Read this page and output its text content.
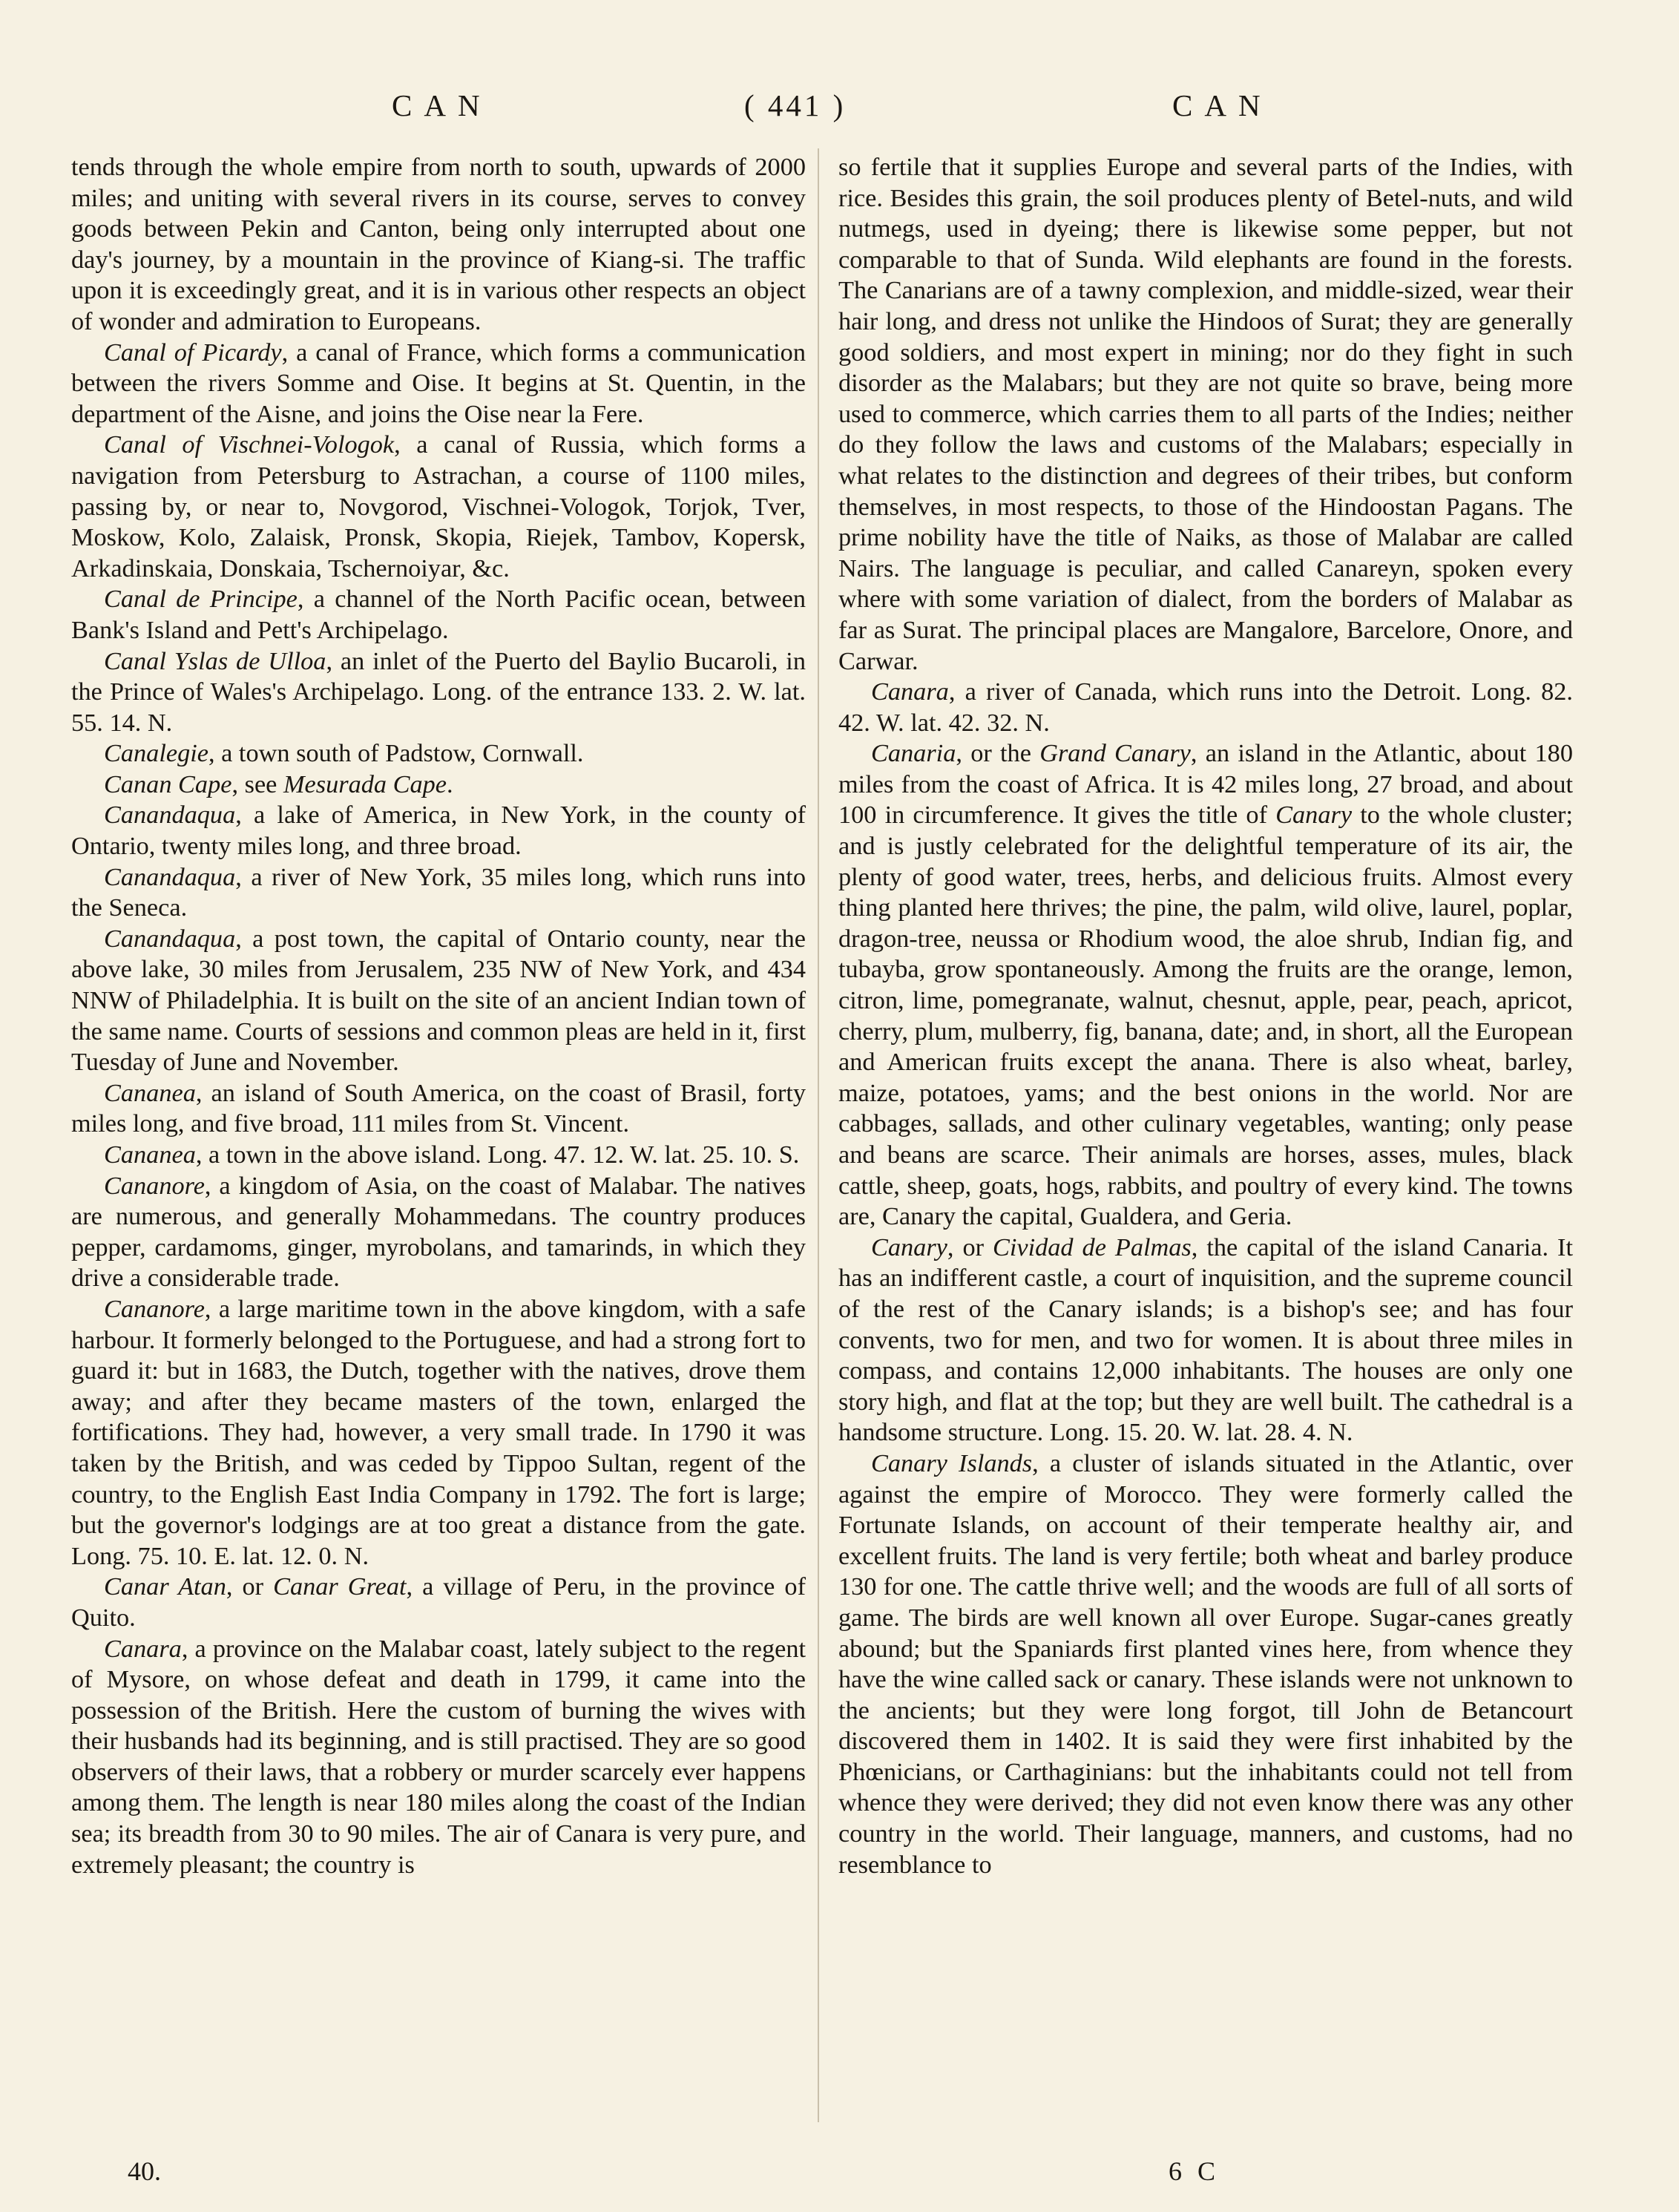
CAN	( 441 )	CAN

tends through the whole empire from north to south, upwards of 2000 miles; and uniting with several rivers in its course, serves to convey goods between Pekin and Canton, being only interrupted about one day's journey, by a mountain in the province of Kiang-si. The traffic upon it is exceedingly great, and it is in various other respects an object of wonder and admiration to Europeans.

Canal of Picardy, a canal of France, which forms a communication between the rivers Somme and Oise. It begins at St. Quentin, in the department of the Aisne, and joins the Oise near la Fere.

Canal of Vischnei-Vologok, a canal of Russia, which forms a navigation from Petersburg to Astrachan, a course of 1100 miles, passing by, or near to, Novgorod, Vischnei-Vologok, Torjok, Tver, Moskow, Kolo, Zalaisk, Pronsk, Skopia, Riejek, Tambov, Kopersk, Arkadinskaia, Donskaia, Tschernoiyar, &c.

Canal de Principe, a channel of the North Pacific ocean, between Bank's Island and Pett's Archipelago.

Canal Yslas de Ulloa, an inlet of the Puerto del Baylio Bucaroli, in the Prince of Wales's Archipelago. Long. of the entrance 133. 2. W. lat. 55. 14. N.

Canalegie, a town south of Padstow, Cornwall.

Canan Cape, see Mesurada Cape.

Canandaqua, a lake of America, in New York, in the county of Ontario, twenty miles long, and three broad.

Canandaqua, a river of New York, 35 miles long, which runs into the Seneca.

Canandaqua, a post town, the capital of Ontario county, near the above lake, 30 miles from Jerusalem, 235 NW of New York, and 434 NNW of Philadelphia. It is built on the site of an ancient Indian town of the same name. Courts of sessions and common pleas are held in it, first Tuesday of June and November.

Cananea, an island of South America, on the coast of Brasil, forty miles long, and five broad, 111 miles from St. Vincent.

Cananea, a town in the above island. Long. 47. 12. W. lat. 25. 10. S.

Cananore, a kingdom of Asia, on the coast of Malabar. The natives are numerous, and generally Mohammedans. The country produces pepper, cardamoms, ginger, myrobolans, and tamarinds, in which they drive a considerable trade.

Cananore, a large maritime town in the above kingdom, with a safe harbour. It formerly belonged to the Portuguese, and had a strong fort to guard it: but in 1683, the Dutch, together with the natives, drove them away; and after they became masters of the town, enlarged the fortifications. They had, however, a very small trade. In 1790 it was taken by the British, and was ceded by Tippoo Sultan, regent of the country, to the English East India Company in 1792. The fort is large; but the governor's lodgings are at too great a distance from the gate. Long. 75. 10. E. lat. 12. 0. N.

Canar Atan, or Canar Great, a village of Peru, in the province of Quito.

Canara, a province on the Malabar coast, lately subject to the regent of Mysore, on whose defeat and death in 1799, it came into the possession of the British. Here the custom of burning the wives with their husbands had its beginning, and is still practised. They are so good observers of their laws, that a robbery or murder scarcely ever happens among them. The length is near 180 miles along the coast of the Indian sea; its breadth from 30 to 90 miles. The air of Canara is very pure, and extremely pleasant; the country is

so fertile that it supplies Europe and several parts of the Indies, with rice. Besides this grain, the soil produces plenty of Betel-nuts, and wild nutmegs, used in dyeing; there is likewise some pepper, but not comparable to that of Sunda. Wild elephants are found in the forests. The Canarians are of a tawny complexion, and middle-sized, wear their hair long, and dress not unlike the Hindoos of Surat; they are generally good soldiers, and most expert in mining; nor do they fight in such disorder as the Malabars; but they are not quite so brave, being more used to commerce, which carries them to all parts of the Indies; neither do they follow the laws and customs of the Malabars; especially in what relates to the distinction and degrees of their tribes, but conform themselves, in most respects, to those of the Hindoostan Pagans. The prime nobility have the title of Naiks, as those of Malabar are called Nairs. The language is peculiar, and called Canareyn, spoken every where with some variation of dialect, from the borders of Malabar as far as Surat. The principal places are Mangalore, Barcelore, Onore, and Carwar.

Canara, a river of Canada, which runs into the Detroit. Long. 82. 42. W. lat. 42. 32. N.

Canaria, or the Grand Canary, an island in the Atlantic, about 180 miles from the coast of Africa. It is 42 miles long, 27 broad, and about 100 in circumference. It gives the title of Canary to the whole cluster; and is justly celebrated for the delightful temperature of its air, the plenty of good water, trees, herbs, and delicious fruits. Almost every thing planted here thrives; the pine, the palm, wild olive, laurel, poplar, dragon-tree, neussa or Rhodium wood, the aloe shrub, Indian fig, and tubayba, grow spontaneously. Among the fruits are the orange, lemon, citron, lime, pomegranate, walnut, chesnut, apple, pear, peach, apricot, cherry, plum, mulberry, fig, banana, date; and, in short, all the European and American fruits except the anana. There is also wheat, barley, maize, potatoes, yams; and the best onions in the world. Nor are cabbages, sallads, and other culinary vegetables, wanting; only pease and beans are scarce. Their animals are horses, asses, mules, black cattle, sheep, goats, hogs, rabbits, and poultry of every kind. The towns are, Canary the capital, Gualdera, and Geria.

Canary, or Cividad de Palmas, the capital of the island Canaria. It has an indifferent castle, a court of inquisition, and the supreme council of the rest of the Canary islands; is a bishop's see; and has four convents, two for men, and two for women. It is about three miles in compass, and contains 12,000 inhabitants. The houses are only one story high, and flat at the top; but they are well built. The cathedral is a handsome structure. Long. 15. 20. W. lat. 28. 4. N.

Canary Islands, a cluster of islands situated in the Atlantic, over against the empire of Morocco. They were formerly called the Fortunate Islands, on account of their temperate healthy air, and excellent fruits. The land is very fertile; both wheat and barley produce 130 for one. The cattle thrive well; and the woods are full of all sorts of game. The birds are well known all over Europe. Sugar-canes greatly abound; but the Spaniards first planted vines here, from whence they have the wine called sack or canary. These islands were not unknown to the ancients; but they were long forgot, till John de Betancourt discovered them in 1402. It is said they were first inhabited by the Phœnicians, or Carthaginians: but the inhabitants could not tell from whence they were derived; they did not even know there was any other country in the world. Their language, manners, and customs, had no resemblance to

40.	6 C
